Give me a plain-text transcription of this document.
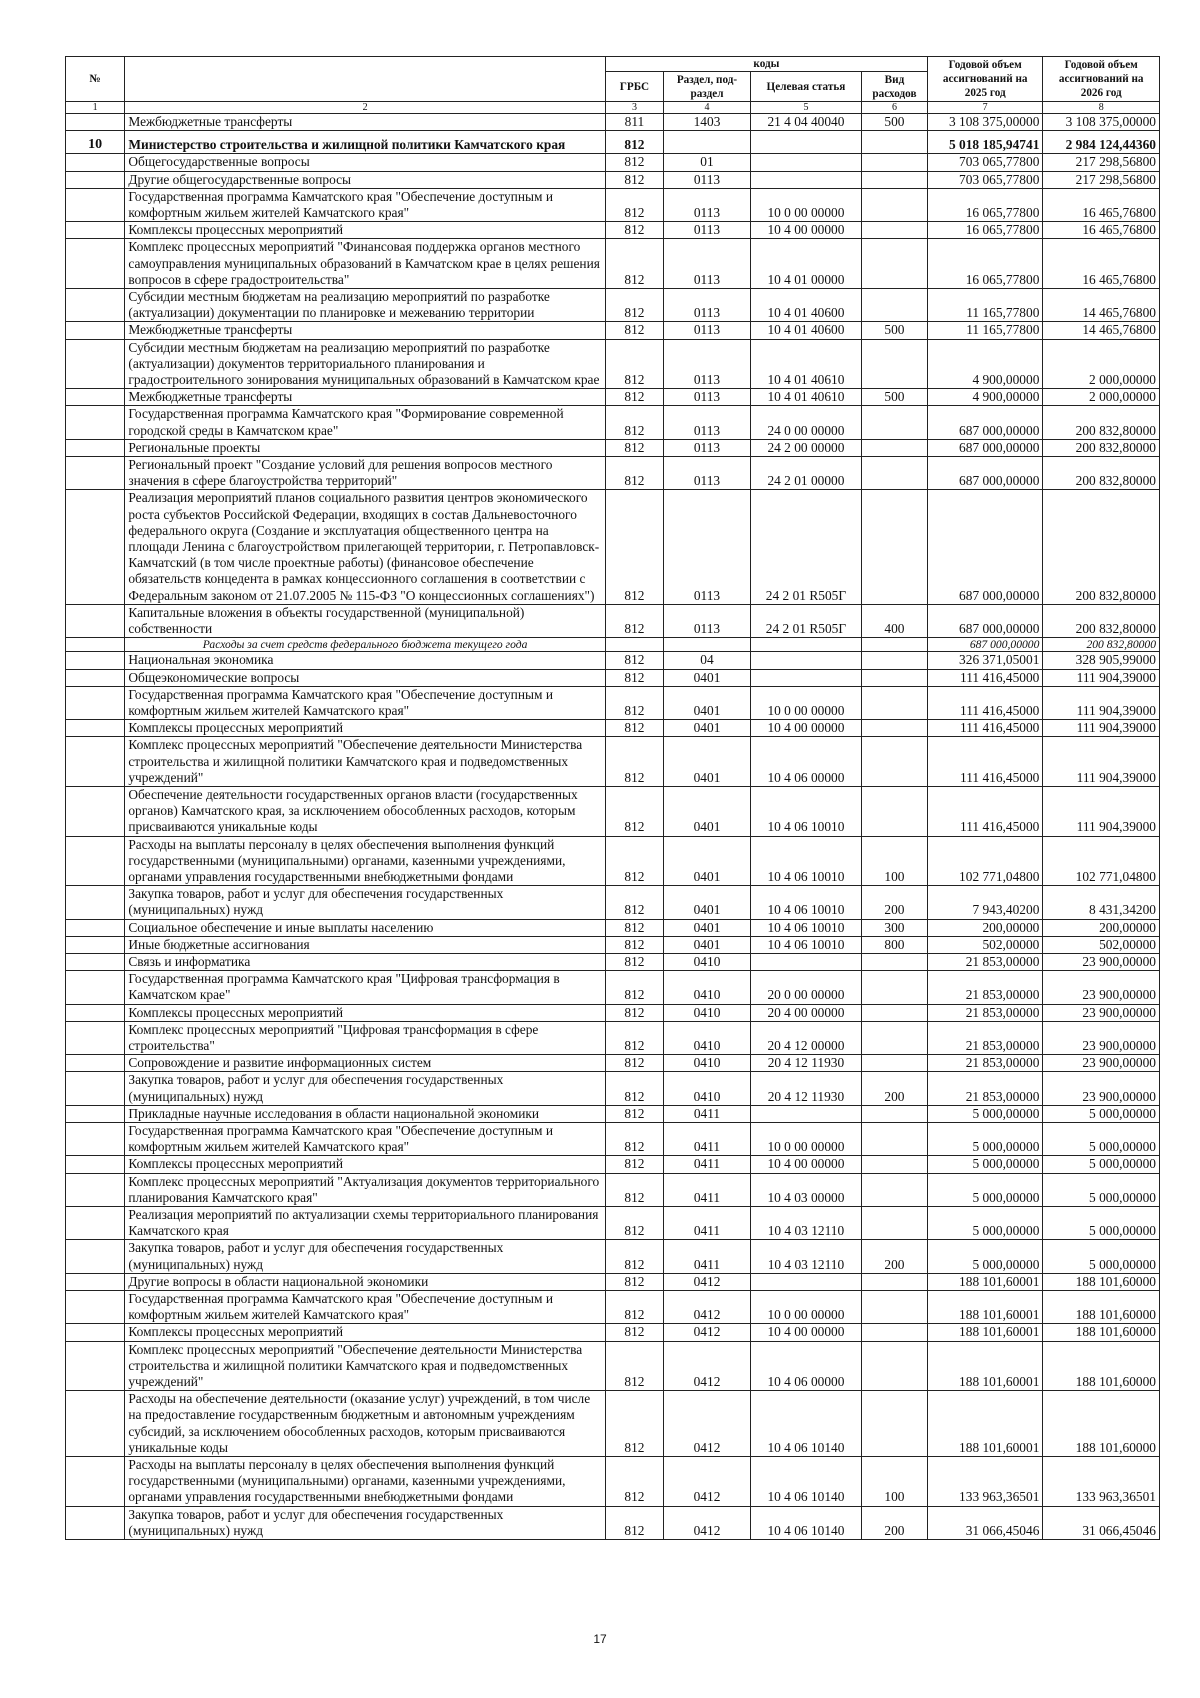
№		коды				Годовой объем ассигнований на 2025 год	Годовой объем ассигнований на 2026 год
		ГРБС	Раздел, под-раздел	Целевая статья	Вид расходов		
1	2	3	4	5	6	7	8
	Межбюджетные трансферты	811	1403	21 4 04 40040	500	3 108 375,00000	3 108 375,00000
10	Министерство строительства и жилищной политики Камчатского края	812				5 018 185,94741	2 984 124,44360
	Общегосударственные вопросы	812	01			703 065,77800	217 298,56800
	Другие общегосударственные вопросы	812	0113			703 065,77800	217 298,56800
	Государственная программа Камчатского края "Обеспечение доступным и комфортным жильем жителей Камчатского края"	812	0113	10 0 00 00000		16 065,77800	16 465,76800
	Комплексы процессных мероприятий	812	0113	10 4 00 00000		16 065,77800	16 465,76800
	Комплекс процессных мероприятий "Финансовая поддержка органов местного самоуправления муниципальных образований в Камчатском крае в целях решения вопросов в сфере градостроительства"	812	0113	10 4 01 00000		16 065,77800	16 465,76800
	Субсидии местным бюджетам на реализацию мероприятий по разработке (актуализации) документации по планировке и межеванию территории	812	0113	10 4 01 40600		11 165,77800	14 465,76800
	Межбюджетные трансферты	812	0113	10 4 01 40600	500	11 165,77800	14 465,76800
	Субсидии местным бюджетам на реализацию мероприятий по разработке (актуализации) документов территориального планирования и градостроительного зонирования муниципальных образований в Камчатском крае	812	0113	10 4 01 40610		4 900,00000	2 000,00000
	Межбюджетные трансферты	812	0113	10 4 01 40610	500	4 900,00000	2 000,00000
	Государственная программа Камчатского края "Формирование современной городской среды в Камчатском крае"	812	0113	24 0 00 00000		687 000,00000	200 832,80000
	Региональные проекты	812	0113	24 2 00 00000		687 000,00000	200 832,80000
	Региональный проект "Создание условий для решения вопросов местного значения в сфере благоустройства территорий"	812	0113	24 2 01 00000		687 000,00000	200 832,80000
	Реализация мероприятий планов социального развития центров экономического роста субъектов Российской Федерации, входящих в состав Дальневосточного федерального округа (Создание и эксплуатация общественного центра на площади Ленина с благоустройством прилегающей территории, г. Петропавловск-Камчатский (в том числе проектные работы) (финансовое обеспечение обязательств концедента в рамках концессионного соглашения в соответствии с Федеральным законом от 21.07.2005 № 115-ФЗ "О концессионных соглашениях")	812	0113	24 2 01 R505Г		687 000,00000	200 832,80000
	Капитальные вложения в объекты государственной (муниципальной) собственности	812	0113	24 2 01 R505Г	400	687 000,00000	200 832,80000
	Расходы за счет средств федерального бюджета текущего года					687 000,00000	200 832,80000
	Национальная экономика	812	04			326 371,05001	328 905,99000
	Общеэкономические вопросы	812	0401			111 416,45000	111 904,39000
	Государственная программа Камчатского края "Обеспечение доступным и комфортным жильем жителей Камчатского края"	812	0401	10 0 00 00000		111 416,45000	111 904,39000
	Комплексы процессных мероприятий	812	0401	10 4 00 00000		111 416,45000	111 904,39000
	Комплекс процессных мероприятий "Обеспечение деятельности Министерства строительства и жилищной политики Камчатского края и подведомственных учреждений"	812	0401	10 4 06 00000		111 416,45000	111 904,39000
	Обеспечение деятельности государственных органов власти (государственных органов) Камчатского края, за исключением обособленных расходов, которым присваиваются уникальные коды	812	0401	10 4 06 10010		111 416,45000	111 904,39000
	Расходы на выплаты персоналу в целях обеспечения выполнения функций государственными (муниципальными) органами, казенными учреждениями, органами управления государственными внебюджетными фондами	812	0401	10 4 06 10010	100	102 771,04800	102 771,04800
	Закупка товаров, работ и услуг для обеспечения государственных (муниципальных) нужд	812	0401	10 4 06 10010	200	7 943,40200	8 431,34200
	Социальное обеспечение и иные выплаты населению	812	0401	10 4 06 10010	300	200,00000	200,00000
	Иные бюджетные ассигнования	812	0401	10 4 06 10010	800	502,00000	502,00000
	Связь и информатика	812	0410			21 853,00000	23 900,00000
	Государственная программа Камчатского края "Цифровая трансформация в Камчатском крае"	812	0410	20 0 00 00000		21 853,00000	23 900,00000
	Комплексы процессных мероприятий	812	0410	20 4 00 00000		21 853,00000	23 900,00000
	Комплекс процессных мероприятий "Цифровая трансформация в сфере строительства"	812	0410	20 4 12 00000		21 853,00000	23 900,00000
	Сопровождение и развитие информационных систем	812	0410	20 4 12 11930		21 853,00000	23 900,00000
	Закупка товаров, работ и услуг для обеспечения государственных (муниципальных) нужд	812	0410	20 4 12 11930	200	21 853,00000	23 900,00000
	Прикладные научные исследования в области национальной экономики	812	0411			5 000,00000	5 000,00000
	Государственная программа Камчатского края "Обеспечение доступным и комфортным жильем жителей Камчатского края"	812	0411	10 0 00 00000		5 000,00000	5 000,00000
	Комплексы процессных мероприятий	812	0411	10 4 00 00000		5 000,00000	5 000,00000
	Комплекс процессных мероприятий "Актуализация документов территориального планирования Камчатского края"	812	0411	10 4 03 00000		5 000,00000	5 000,00000
	Реализация мероприятий по актуализации схемы территориального планирования Камчатского края	812	0411	10 4 03 12110		5 000,00000	5 000,00000
	Закупка товаров, работ и услуг для обеспечения государственных (муниципальных) нужд	812	0411	10 4 03 12110	200	5 000,00000	5 000,00000
	Другие вопросы в области национальной экономики	812	0412			188 101,60001	188 101,60000
	Государственная программа Камчатского края "Обеспечение доступным и комфортным жильем жителей Камчатского края"	812	0412	10 0 00 00000		188 101,60001	188 101,60000
	Комплексы процессных мероприятий	812	0412	10 4 00 00000		188 101,60001	188 101,60000
	Комплекс процессных мероприятий "Обеспечение деятельности Министерства строительства и жилищной политики Камчатского края и подведомственных учреждений"	812	0412	10 4 06 00000		188 101,60001	188 101,60000
	Расходы на обеспечение деятельности (оказание услуг) учреждений, в том числе на предоставление государственным бюджетным и автономным учреждениям субсидий, за исключением обособленных расходов, которым присваиваются уникальные коды	812	0412	10 4 06 10140		188 101,60001	188 101,60000
	Расходы на выплаты персоналу в целях обеспечения выполнения функций государственными (муниципальными) органами, казенными учреждениями, органами управления государственными внебюджетными фондами	812	0412	10 4 06 10140	100	133 963,36501	133 963,36501
	Закупка товаров, работ и услуг для обеспечения государственных (муниципальных) нужд	812	0412	10 4 06 10140	200	31 066,45046	31 066,45046
17
